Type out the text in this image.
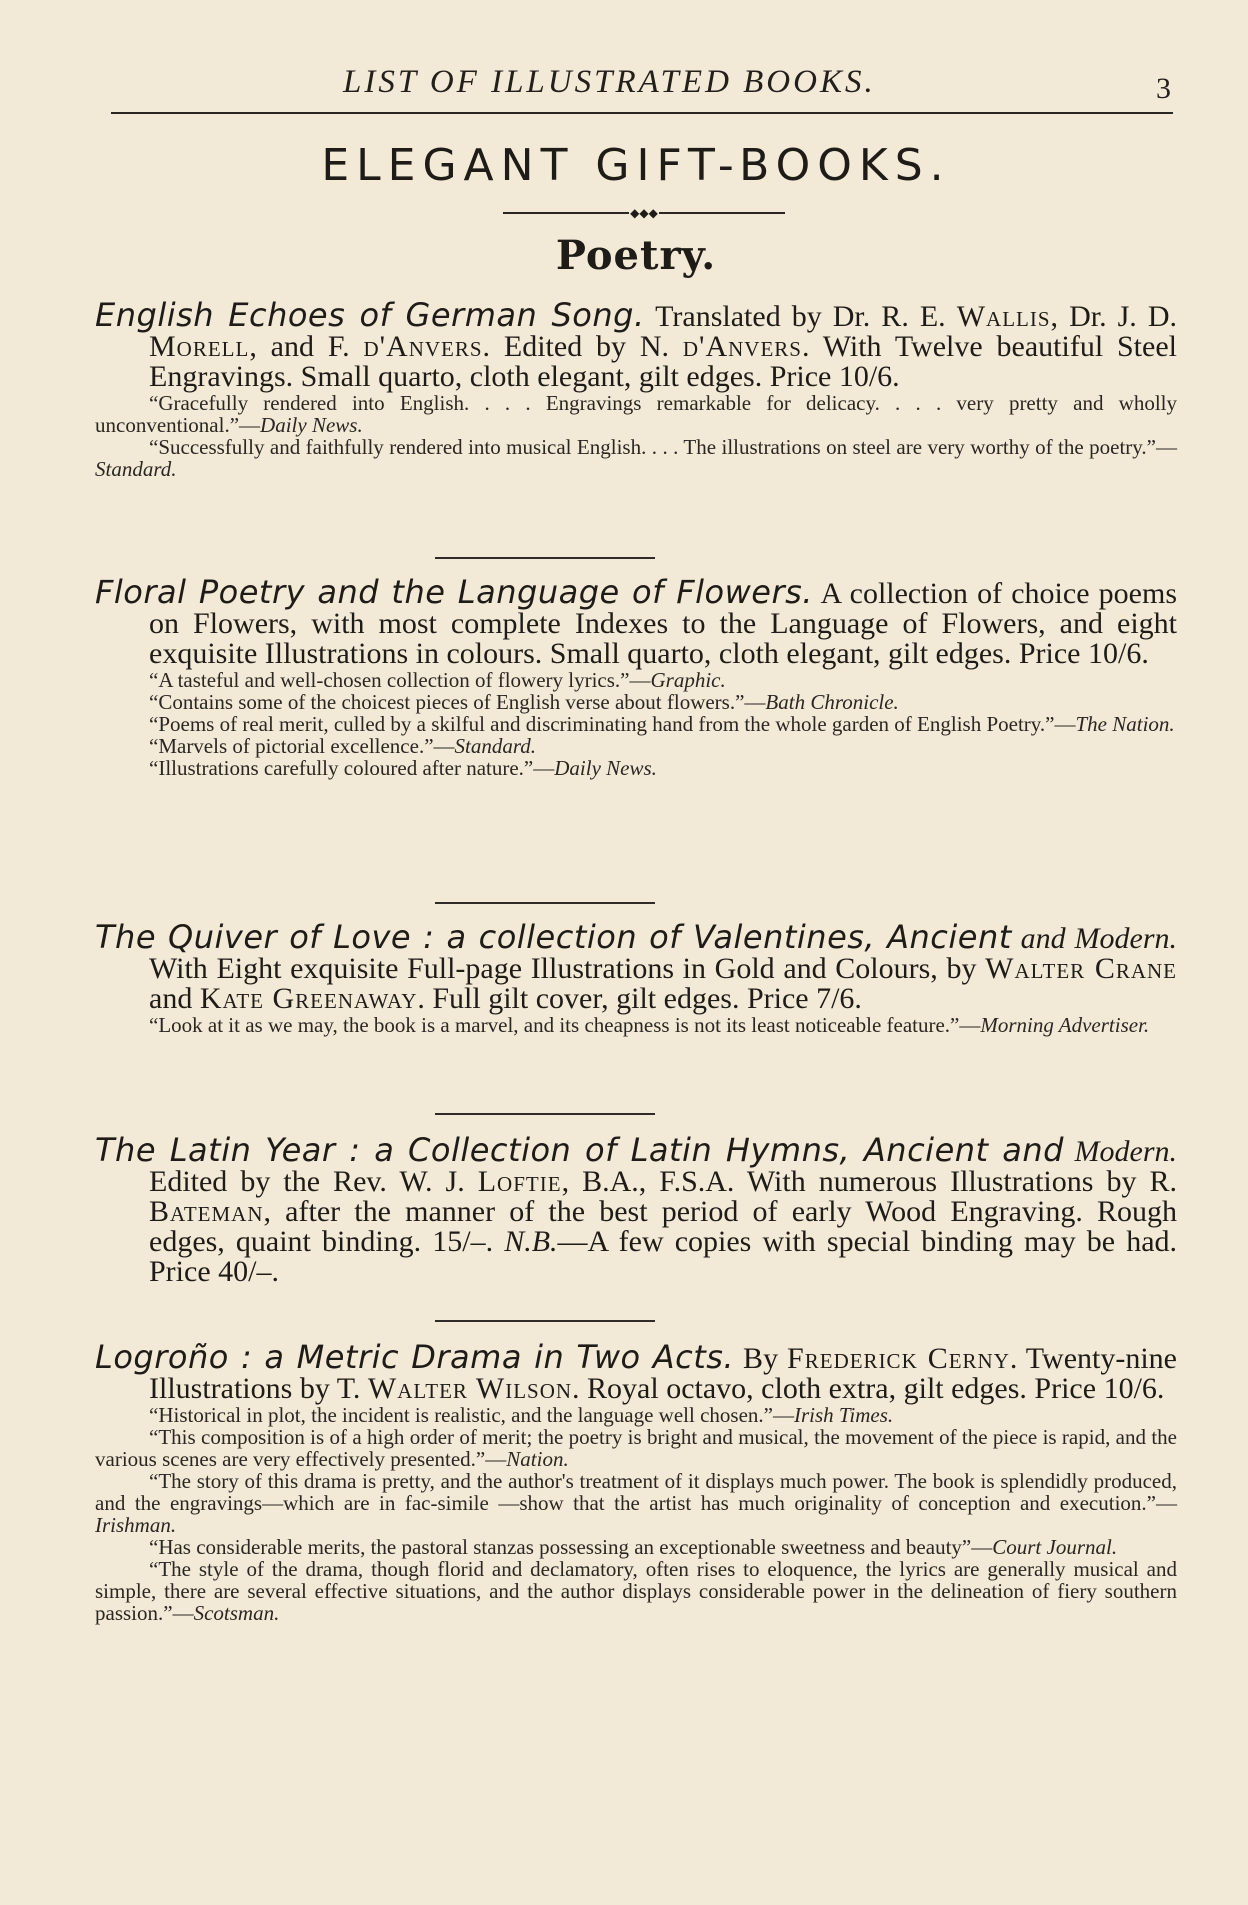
LIST OF ILLUSTRATED BOOKS.	3
ELEGANT GIFT-BOOKS.
◆◆◆
Poetry.

English Echoes of German Song. Translated by Dr. R. E. Wallis, Dr. J. D. Morell, and F. d'Anvers. Edited by N. d'Anvers. With Twelve beautiful Steel Engravings. Small quarto, cloth elegant, gilt edges. Price 10/6.

“Gracefully rendered into English. . . . Engravings remarkable for delicacy. . . . very pretty and wholly unconventional.”—Daily News.

“Successfully and faithfully rendered into musical English. . . . The illustrations on steel are very worthy of the poetry.”—Standard.

Floral Poetry and the Language of Flowers. A collection of choice poems on Flowers, with most complete Indexes to the Language of Flowers, and eight exquisite Illustrations in colours. Small quarto, cloth elegant, gilt edges. Price 10/6.

“A tasteful and well-chosen collection of flowery lyrics.”—Graphic.

“Contains some of the choicest pieces of English verse about flowers.”—Bath Chronicle.

“Poems of real merit, culled by a skilful and discriminating hand from the whole garden of English Poetry.”—The Nation.

“Marvels of pictorial excellence.”—Standard.

“Illustrations carefully coloured after nature.”—Daily News.

The Quiver of Love : a collection of Valentines, Ancient and Modern. With Eight exquisite Full-page Illustrations in Gold and Colours, by Walter Crane and Kate Greenaway. Full gilt cover, gilt edges. Price 7/6.

“Look at it as we may, the book is a marvel, and its cheapness is not its least noticeable feature.”—Morning Advertiser.

The Latin Year : a Collection of Latin Hymns, Ancient and Modern. Edited by the Rev. W. J. Loftie, B.A., F.S.A. With numerous Illustrations by R. Bateman, after the manner of the best period of early Wood Engraving. Rough edges, quaint binding. 15/–. N.B.—A few copies with special binding may be had. Price 40/–.

Logroño : a Metric Drama in Two Acts. By Frederick Cerny. Twenty-nine Illustrations by T. Walter Wilson. Royal octavo, cloth extra, gilt edges. Price 10/6.

“Historical in plot, the incident is realistic, and the language well chosen.”—Irish Times.

“This composition is of a high order of merit; the poetry is bright and musical, the movement of the piece is rapid, and the various scenes are very effectively presented.”—Nation.

“The story of this drama is pretty, and the author's treatment of it displays much power. The book is splendidly produced, and the engravings—which are in fac-simile —show that the artist has much originality of conception and execution.”—Irishman.

“Has considerable merits, the pastoral stanzas possessing an exceptionable sweetness and beauty”—Court Journal.

“The style of the drama, though florid and declamatory, often rises to eloquence, the lyrics are generally musical and simple, there are several effective situations, and the author displays considerable power in the delineation of fiery southern passion.”—Scotsman.
